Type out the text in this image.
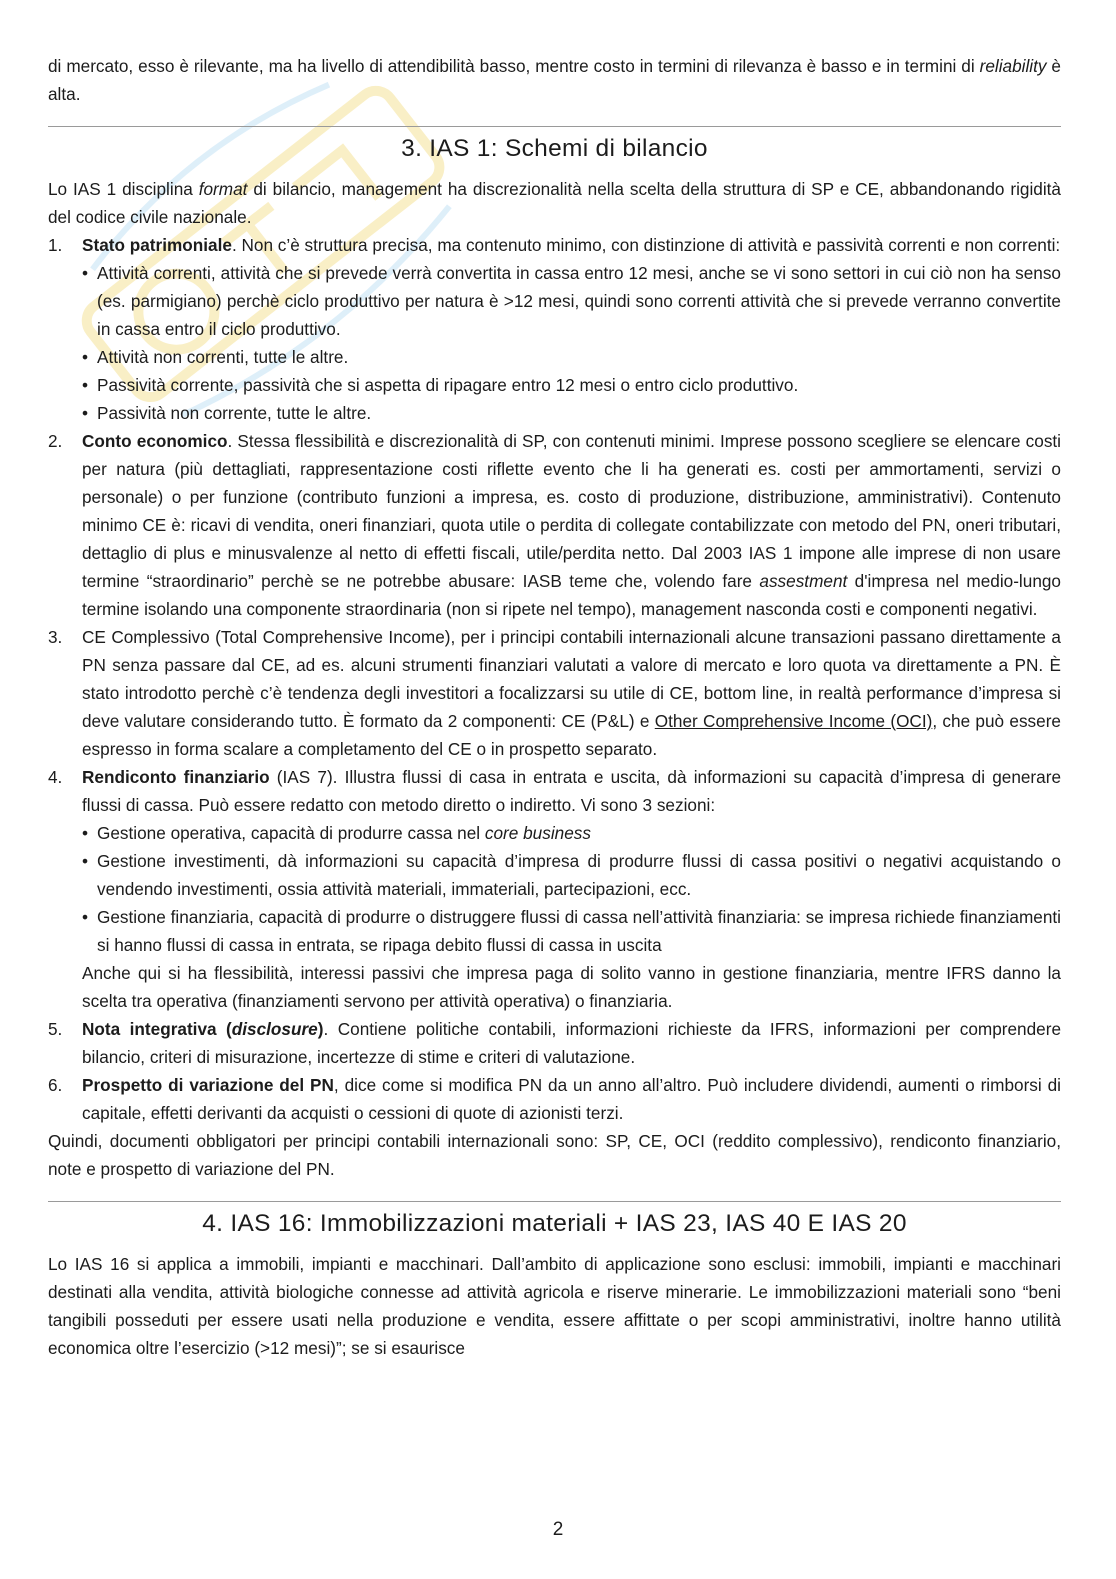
di mercato, esso è rilevante, ma ha livello di attendibilità basso, mentre costo in termini di rilevanza è basso e in termini di reliability è alta.

3. IAS 1: Schemi di bilancio

Lo IAS 1 disciplina format di bilancio, management ha discrezionalità nella scelta della struttura di SP e CE, abbandonando rigidità del codice civile nazionale.

1. Stato patrimoniale. Non c’è struttura precisa, ma contenuto minimo, con distinzione di attività e passività correnti e non correnti:
• Attività correnti, attività che si prevede verrà convertita in cassa entro 12 mesi, anche se vi sono settori in cui ciò non ha senso (es. parmigiano) perchè ciclo produttivo per natura è >12 mesi, quindi sono correnti attività che si prevede verranno convertite in cassa entro il ciclo produttivo.
• Attività non correnti, tutte le altre.
• Passività corrente, passività che si aspetta di ripagare entro 12 mesi o entro ciclo produttivo.
• Passività non corrente, tutte le altre.
2. Conto economico. Stessa flessibilità e discrezionalità di SP, con contenuti minimi. Imprese possono scegliere se elencare costi per natura (più dettagliati, rappresentazione costi riflette evento che li ha generati es. costi per ammortamenti, servizi o personale) o per funzione (contributo funzioni a impresa, es. costo di produzione, distribuzione, amministrativi). Contenuto minimo CE è: ricavi di vendita, oneri finanziari, quota utile o perdita di collegate contabilizzate con metodo del PN, oneri tributari, dettaglio di plus e minusvalenze al netto di effetti fiscali, utile/perdita netto. Dal 2003 IAS 1 impone alle imprese di non usare termine “straordinario” perchè se ne potrebbe abusare: IASB teme che, volendo fare assestment d'impresa nel medio-lungo termine isolando una componente straordinaria (non si ripete nel tempo), management nasconda costi e componenti negativi.
3. CE Complessivo (Total Comprehensive Income), per i principi contabili internazionali alcune transazioni passano direttamente a PN senza passare dal CE, ad es. alcuni strumenti finanziari valutati a valore di mercato e loro quota va direttamente a PN. È stato introdotto perchè c’è tendenza degli investitori a focalizzarsi su utile di CE, bottom line, in realtà performance d’impresa si deve valutare considerando tutto. È formato da 2 componenti: CE (P&L) e Other Comprehensive Income (OCI), che può essere espresso in forma scalare a completamento del CE o in prospetto separato.
4. Rendiconto finanziario (IAS 7). Illustra flussi di casa in entrata e uscita, dà informazioni su capacità d’impresa di generare flussi di cassa. Può essere redatto con metodo diretto o indiretto. Vi sono 3 sezioni:
• Gestione operativa, capacità di produrre cassa nel core business
• Gestione investimenti, dà informazioni su capacità d’impresa di produrre flussi di cassa positivi o negativi acquistando o vendendo investimenti, ossia attività materiali, immateriali, partecipazioni, ecc.
• Gestione finanziaria, capacità di produrre o distruggere flussi di cassa nell’attività finanziaria: se impresa richiede finanziamenti si hanno flussi di cassa in entrata, se ripaga debito flussi di cassa in uscita
Anche qui si ha flessibilità, interessi passivi che impresa paga di solito vanno in gestione finanziaria, mentre IFRS danno la scelta tra operativa (finanziamenti servono per attività operativa) o finanziaria.
5. Nota integrativa (disclosure). Contiene politiche contabili, informazioni richieste da IFRS, informazioni per comprendere bilancio, criteri di misurazione, incertezze di stime e criteri di valutazione.
6. Prospetto di variazione del PN, dice come si modifica PN da un anno all’altro. Può includere dividendi, aumenti o rimborsi di capitale, effetti derivanti da acquisti o cessioni di quote di azionisti terzi.

Quindi, documenti obbligatori per principi contabili internazionali sono: SP, CE, OCI (reddito complessivo), rendiconto finanziario, note e prospetto di variazione del PN.

4. IAS 16: Immobilizzazioni materiali + IAS 23, IAS 40 E IAS 20

Lo IAS 16 si applica a immobili, impianti e macchinari. Dall’ambito di applicazione sono esclusi: immobili, impianti e macchinari destinati alla vendita, attività biologiche connesse ad attività agricola e riserve minerarie. Le immobilizzazioni materiali sono “beni tangibili posseduti per essere usati nella produzione e vendita, essere affittate o per scopi amministrativi, inoltre hanno utilità economica oltre l’esercizio (>12 mesi)”; se si esaurisce

2
